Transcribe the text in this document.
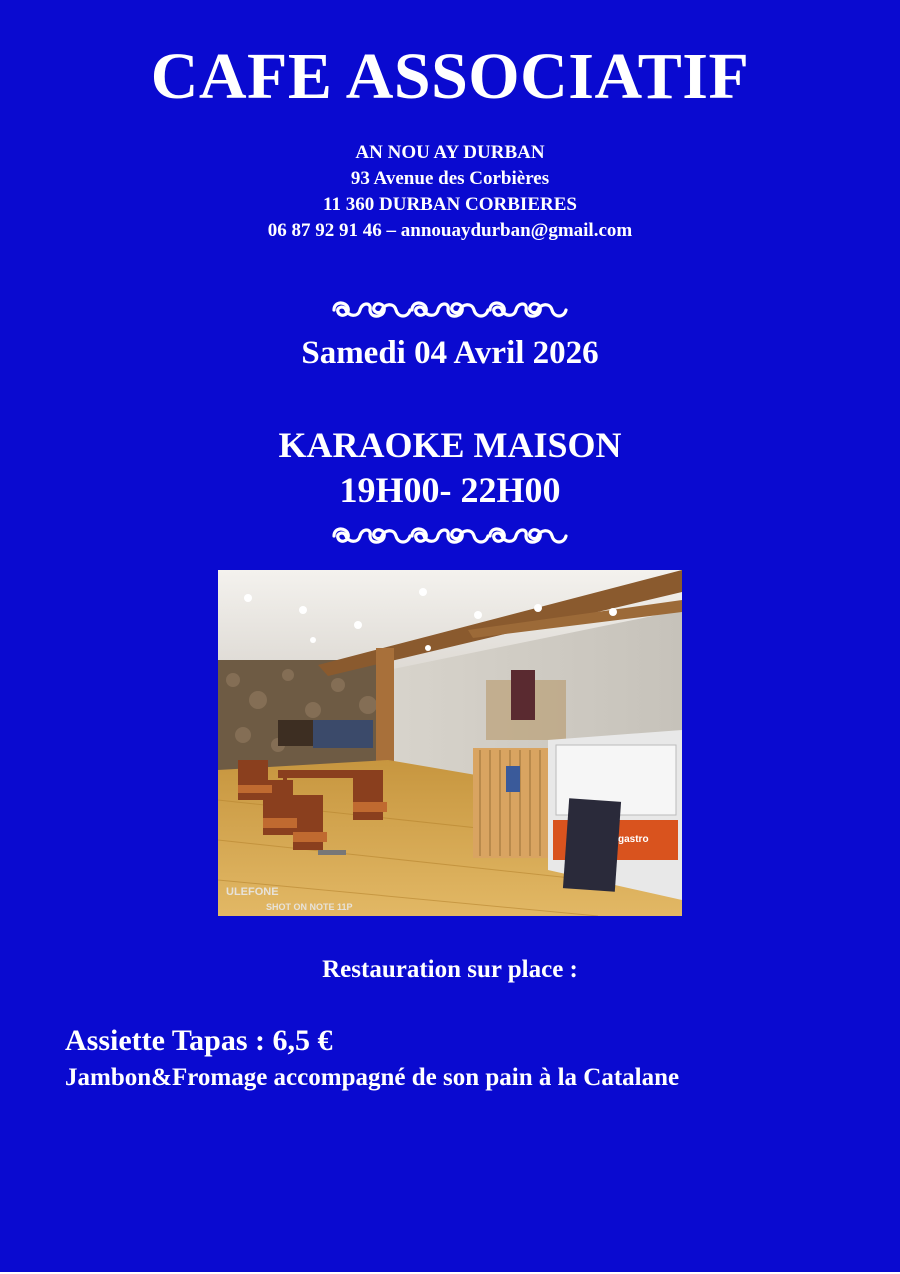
CAFE ASSOCIATIF
AN NOU AY DURBAN
93 Avenue des Corbières
11 360 DURBAN CORBIERES
06 87 92 91 46 – annouaydurban@gmail.com
Samedi 04 Avril 2026
KARAOKE MAISON
19H00- 22H00
gastro
ULEFONE
SHOT ON NOTE 11P
Restauration sur place :
Assiette Tapas : 6,5 €
Jambon&Fromage accompagné de son pain à la Catalane
